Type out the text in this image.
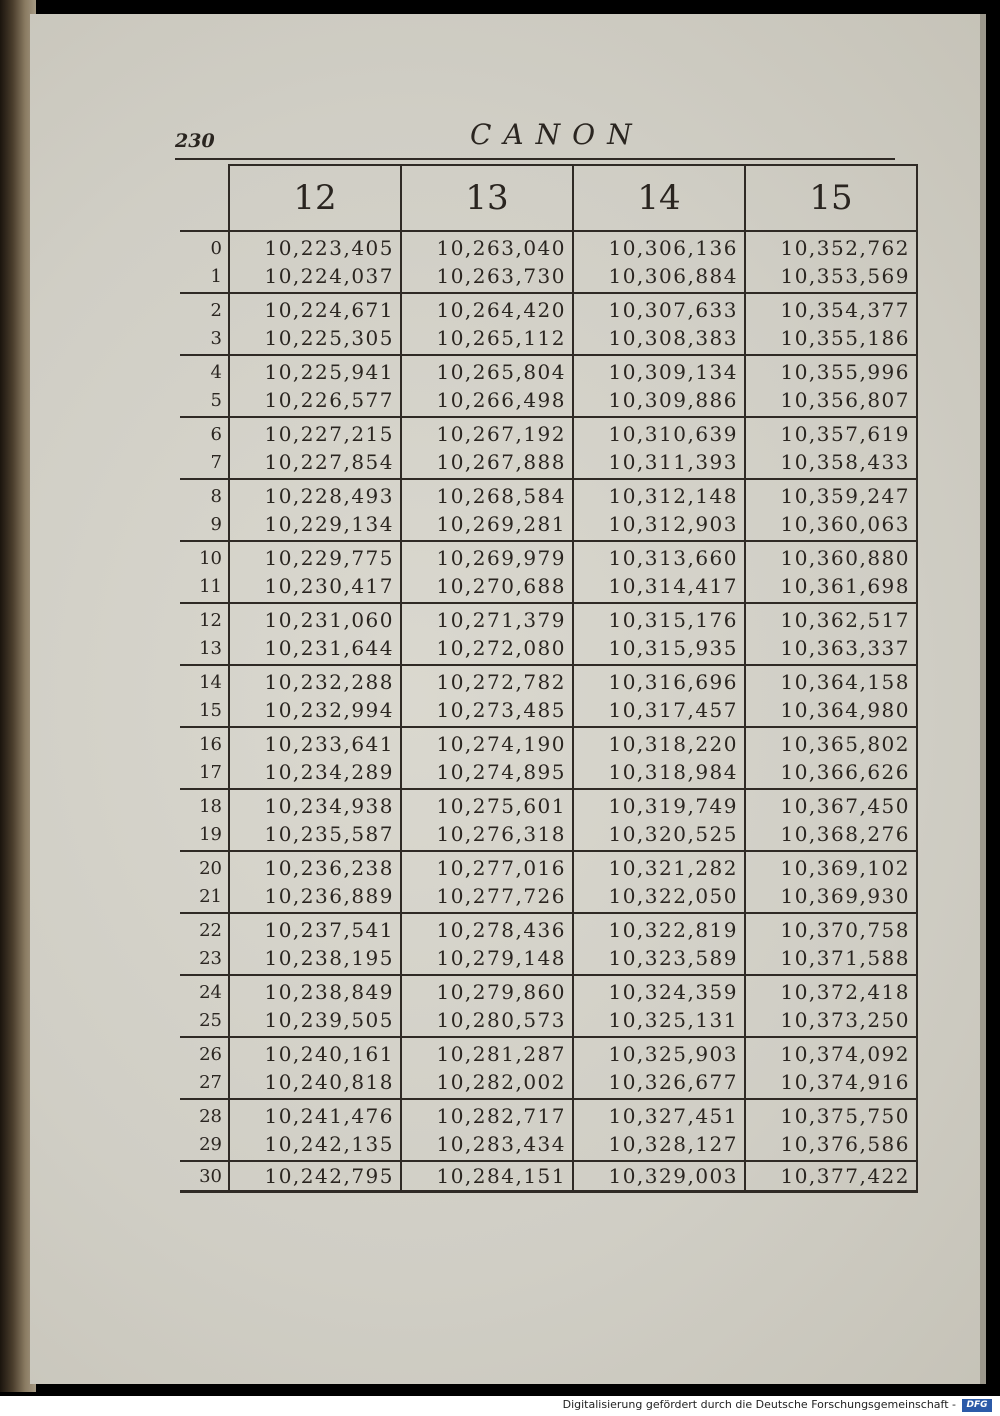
230	CANON
	12	13	14	15
0	10,223,405	10,263,040	10,306,136	10,352,762
1	10,224,037	10,263,730	10,306,884	10,353,569
2	10,224,671	10,264,420	10,307,633	10,354,377
3	10,225,305	10,265,112	10,308,383	10,355,186
4	10,225,941	10,265,804	10,309,134	10,355,996
5	10,226,577	10,266,498	10,309,886	10,356,807
6	10,227,215	10,267,192	10,310,639	10,357,619
7	10,227,854	10,267,888	10,311,393	10,358,433
8	10,228,493	10,268,584	10,312,148	10,359,247
9	10,229,134	10,269,281	10,312,903	10,360,063
10	10,229,775	10,269,979	10,313,660	10,360,880
11	10,230,417	10,270,688	10,314,417	10,361,698
12	10,231,060	10,271,379	10,315,176	10,362,517
13	10,231,644	10,272,080	10,315,935	10,363,337
14	10,232,288	10,272,782	10,316,696	10,364,158
15	10,232,994	10,273,485	10,317,457	10,364,980
16	10,233,641	10,274,190	10,318,220	10,365,802
17	10,234,289	10,274,895	10,318,984	10,366,626
18	10,234,938	10,275,601	10,319,749	10,367,450
19	10,235,587	10,276,318	10,320,525	10,368,276
20	10,236,238	10,277,016	10,321,282	10,369,102
21	10,236,889	10,277,726	10,322,050	10,369,930
22	10,237,541	10,278,436	10,322,819	10,370,758
23	10,238,195	10,279,148	10,323,589	10,371,588
24	10,238,849	10,279,860	10,324,359	10,372,418
25	10,239,505	10,280,573	10,325,131	10,373,250
26	10,240,161	10,281,287	10,325,903	10,374,092
27	10,240,818	10,282,002	10,326,677	10,374,916
28	10,241,476	10,282,717	10,327,451	10,375,750
29	10,242,135	10,283,434	10,328,127	10,376,586
30	10,242,795	10,284,151	10,329,003	10,377,422
Digitalisierung gefördert durch die Deutsche Forschungsgemeinschaft -	DFG
